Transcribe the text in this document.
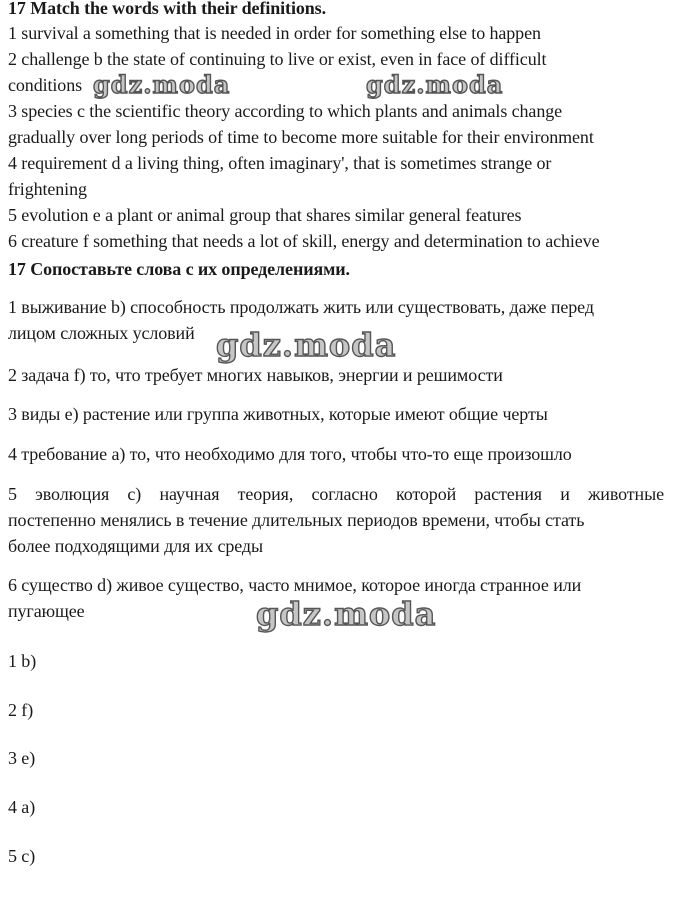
17 Match the words with their definitions.

1 survival a something that is needed in order for something else to happen

2 challenge b the state of continuing to live or exist, even in face of difficult

conditions

3 species c the scientific theory according to which plants and animals change

gradually over long periods of time to become more suitable for their environment

4 requirement d a living thing, often imaginary', that is sometimes strange or

frightening

5 evolution e a plant or animal group that shares similar general features

6 creature f something that needs a lot of skill, energy and determination to achieve

17 Сопоставьте слова с их определениями.

1 выживание b) способность продолжать жить или существовать, даже перед

лицом сложных условий

2 задача f) то, что требует многих навыков, энергии и решимости

3 виды e) растение или группа животных, которые имеют общие черты

4 требование a) то, что необходимо для того, чтобы что-то еще произошло

5 эволюция c) научная теория, согласно которой растения и животные

постепенно менялись в течение длительных периодов времени, чтобы стать

более подходящими для их среды

6 существо d) живое существо, часто мнимое, которое иногда странное или

пугающее

1 b)

2 f)

3 e)

4 a)

5 c)

gdz.moda	gdz.moda

gdz.moda

gdz.moda
